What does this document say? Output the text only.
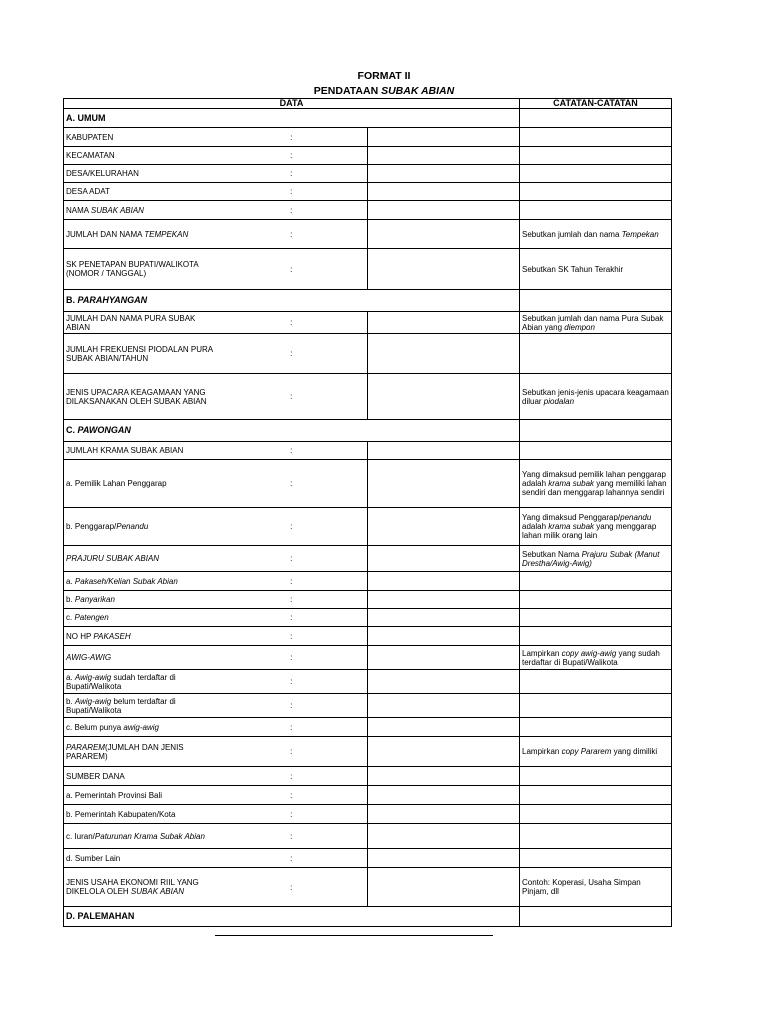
FORMAT II
PENDATAAN SUBAK ABIAN
DATA			CATATAN-CATATAN
A. UMUM			
KABUPATEN	:		
KECAMATAN	:		
DESA/KELURAHAN	:		
DESA ADAT	:		
NAMA SUBAK ABIAN	:		
JUMLAH DAN NAMA TEMPEKAN	:		Sebutkan jumlah dan nama Tempekan
SK PENETAPAN BUPATI/WALIKOTA (NOMOR / TANGGAL)	:		Sebutkan SK Tahun Terakhir
B. PARAHYANGAN			
JUMLAH DAN NAMA PURA SUBAK ABIAN	:		Sebutkan jumlah dan nama Pura Subak Abian yang diempon
JUMLAH FREKUENSI PIODALAN PURA SUBAK ABIAN/TAHUN	:		
JENIS UPACARA KEAGAMAAN YANG DILAKSANAKAN OLEH SUBAK ABIAN	:		Sebutkan jenis-jenis upacara keagamaan diluar piodalan
C. PAWONGAN			
JUMLAH KRAMA SUBAK ABIAN	:		
a. Pemilik Lahan Penggarap	:		Yang dimaksud pemilik lahan penggarap adalah krama subak yang memiliki lahan sendiri dan menggarap lahannya sendiri
b. Penggarap/Penandu	:		Yang dimaksud Penggarap/penandu adalah krama subak yang menggarap lahan milik orang lain
PRAJURU SUBAK ABIAN	:		Sebutkan Nama Prajuru Subak (Manut Drestha/Awig-Awig)
a. Pakaseh/Kelian Subak Abian	:		
b. Panyarikan	:		
c. Patengen	:		
NO HP PAKASEH	:		
AWIG-AWIG	:		Lampirkan copy awig-awig yang sudah terdaftar di Bupati/Walikota
a. Awig-awig sudah terdaftar di Bupati/Walikota	:		
b. Awig-awig belum terdaftar di Bupati/Walikota	:		
c. Belum punya awig-awig	:		
PARAREM(JUMLAH DAN JENIS PARAREM)	:		Lampirkan copy Pararem yang dimiliki
SUMBER DANA	:		
a. Pemerintah Provinsi Bali	:		
b. Pemerintah Kabupaten/Kota	:		
c. Iuran/Paturunan Krama Subak Abian	:		
d. Sumber Lain	:		
JENIS USAHA EKONOMI RIIL YANG DIKELOLA OLEH SUBAK ABIAN	:		Contoh: Koperasi, Usaha Simpan Pinjam, dll
D. PALEMAHAN			
